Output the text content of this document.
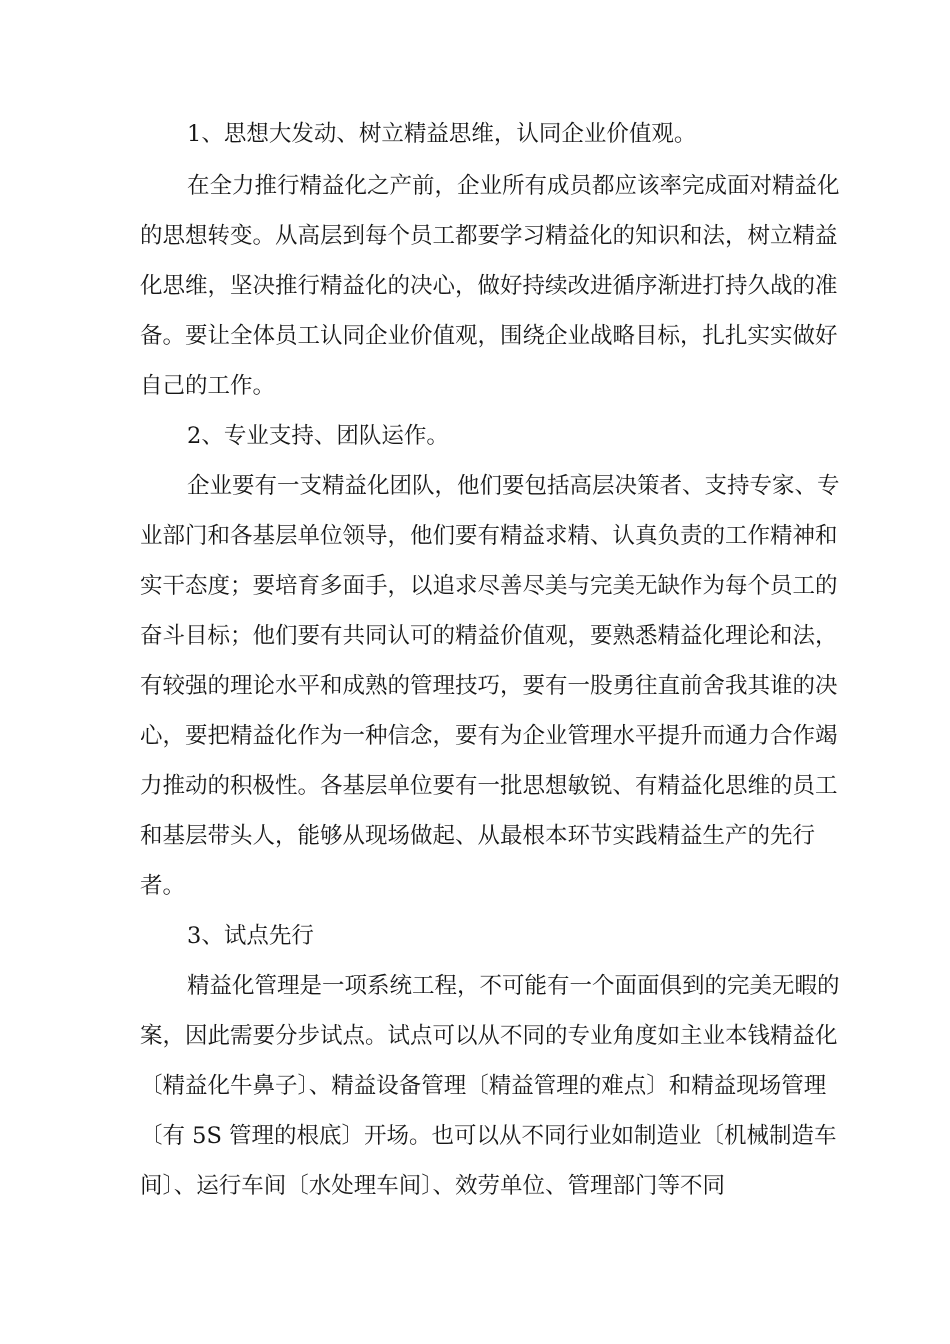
1、思想大发动、树立精益思维，认同企业价值观。
在全力推行精益化之产前，企业所有成员都应该率完成面对精益化
的思想转变。从高层到每个员工都要学习精益化的知识和法，树立精益
化思维，坚决推行精益化的决心，做好持续改进循序渐进打持久战的准
备。要让全体员工认同企业价值观，围绕企业战略目标，扎扎实实做好
自己的工作。
2、专业支持、团队运作。
企业要有一支精益化团队，他们要包括高层决策者、支持专家、专
业部门和各基层单位领导，他们要有精益求精、认真负责的工作精神和
实干态度；要培育多面手，以追求尽善尽美与完美无缺作为每个员工的
奋斗目标；他们要有共同认可的精益价值观，要熟悉精益化理论和法，
有较强的理论水平和成熟的管理技巧，要有一股勇往直前舍我其谁的决
心，要把精益化作为一种信念，要有为企业管理水平提升而通力合作竭
力推动的积极性。各基层单位要有一批思想敏锐、有精益化思维的员工
和基层带头人，能够从现场做起、从最根本环节实践精益生产的先行
者。
3、试点先行
精益化管理是一项系统工程，不可能有一个面面俱到的完美无暇的
案，因此需要分步试点。试点可以从不同的专业角度如主业本钱精益化
〔精益化牛鼻子〕、精益设备管理〔精益管理的难点〕和精益现场管理
〔有 5S 管理的根底〕开场。也可以从不同行业如制造业〔机械制造车
间〕、运行车间〔水处理车间〕、效劳单位、管理部门等不同
